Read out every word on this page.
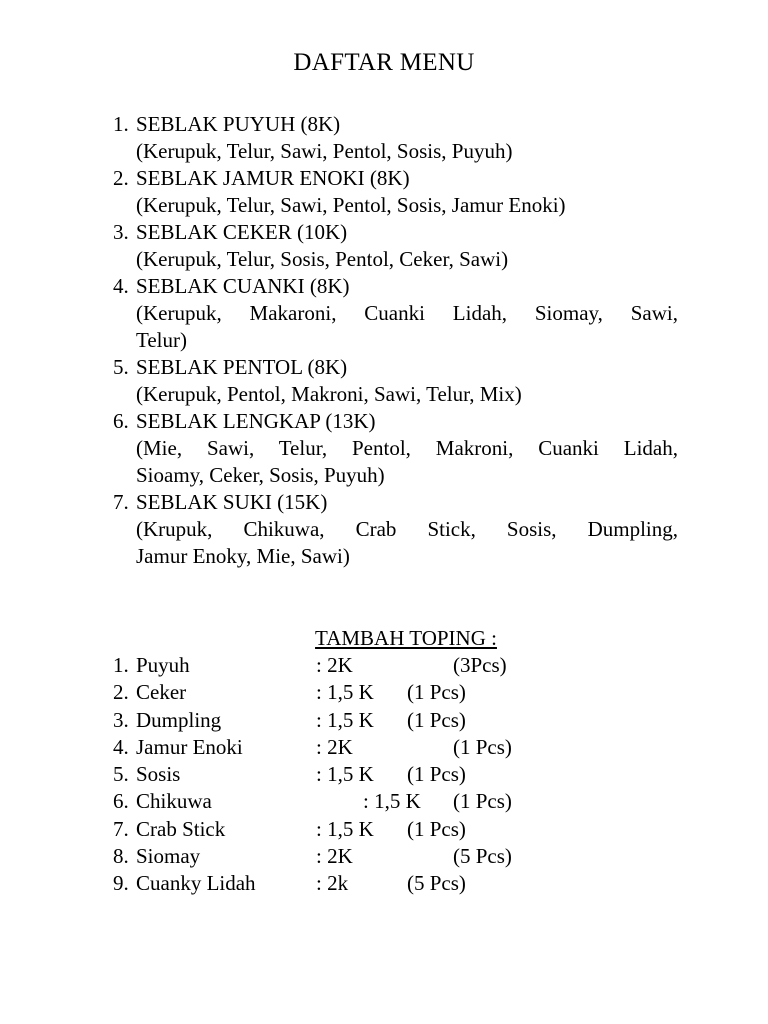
DAFTAR MENU
1. SEBLAK PUYUH (8K)
(Kerupuk, Telur, Sawi, Pentol, Sosis, Puyuh)
2. SEBLAK JAMUR ENOKI (8K)
(Kerupuk, Telur, Sawi, Pentol, Sosis, Jamur Enoki)
3. SEBLAK CEKER (10K)
(Kerupuk, Telur, Sosis, Pentol, Ceker, Sawi)
4. SEBLAK CUANKI (8K)
(Kerupuk, Makaroni, Cuanki Lidah, Siomay, Sawi,
Telur)
5. SEBLAK PENTOL (8K)
(Kerupuk, Pentol, Makroni, Sawi, Telur, Mix)
6. SEBLAK LENGKAP (13K)
(Mie, Sawi, Telur, Pentol, Makroni, Cuanki Lidah,
Sioamy, Ceker, Sosis, Puyuh)
7. SEBLAK SUKI (15K)
(Krupuk, Chikuwa, Crab Stick, Sosis, Dumpling,
Jamur Enoky, Mie, Sawi)
TAMBAH TOPING :
1. Puyuh	: 2K	(3Pcs)
2. Ceker	: 1,5 K (1 Pcs)
3. Dumpling	: 1,5 K (1 Pcs)
4. Jamur Enoki	: 2K	(1 Pcs)
5. Sosis	: 1,5 K (1 Pcs)
6. Chikuwa	: 1,5 K (1 Pcs)
7. Crab Stick	: 1,5 K (1 Pcs)
8. Siomay	: 2K	(5 Pcs)
9. Cuanky Lidah	: 2k	(5 Pcs)
